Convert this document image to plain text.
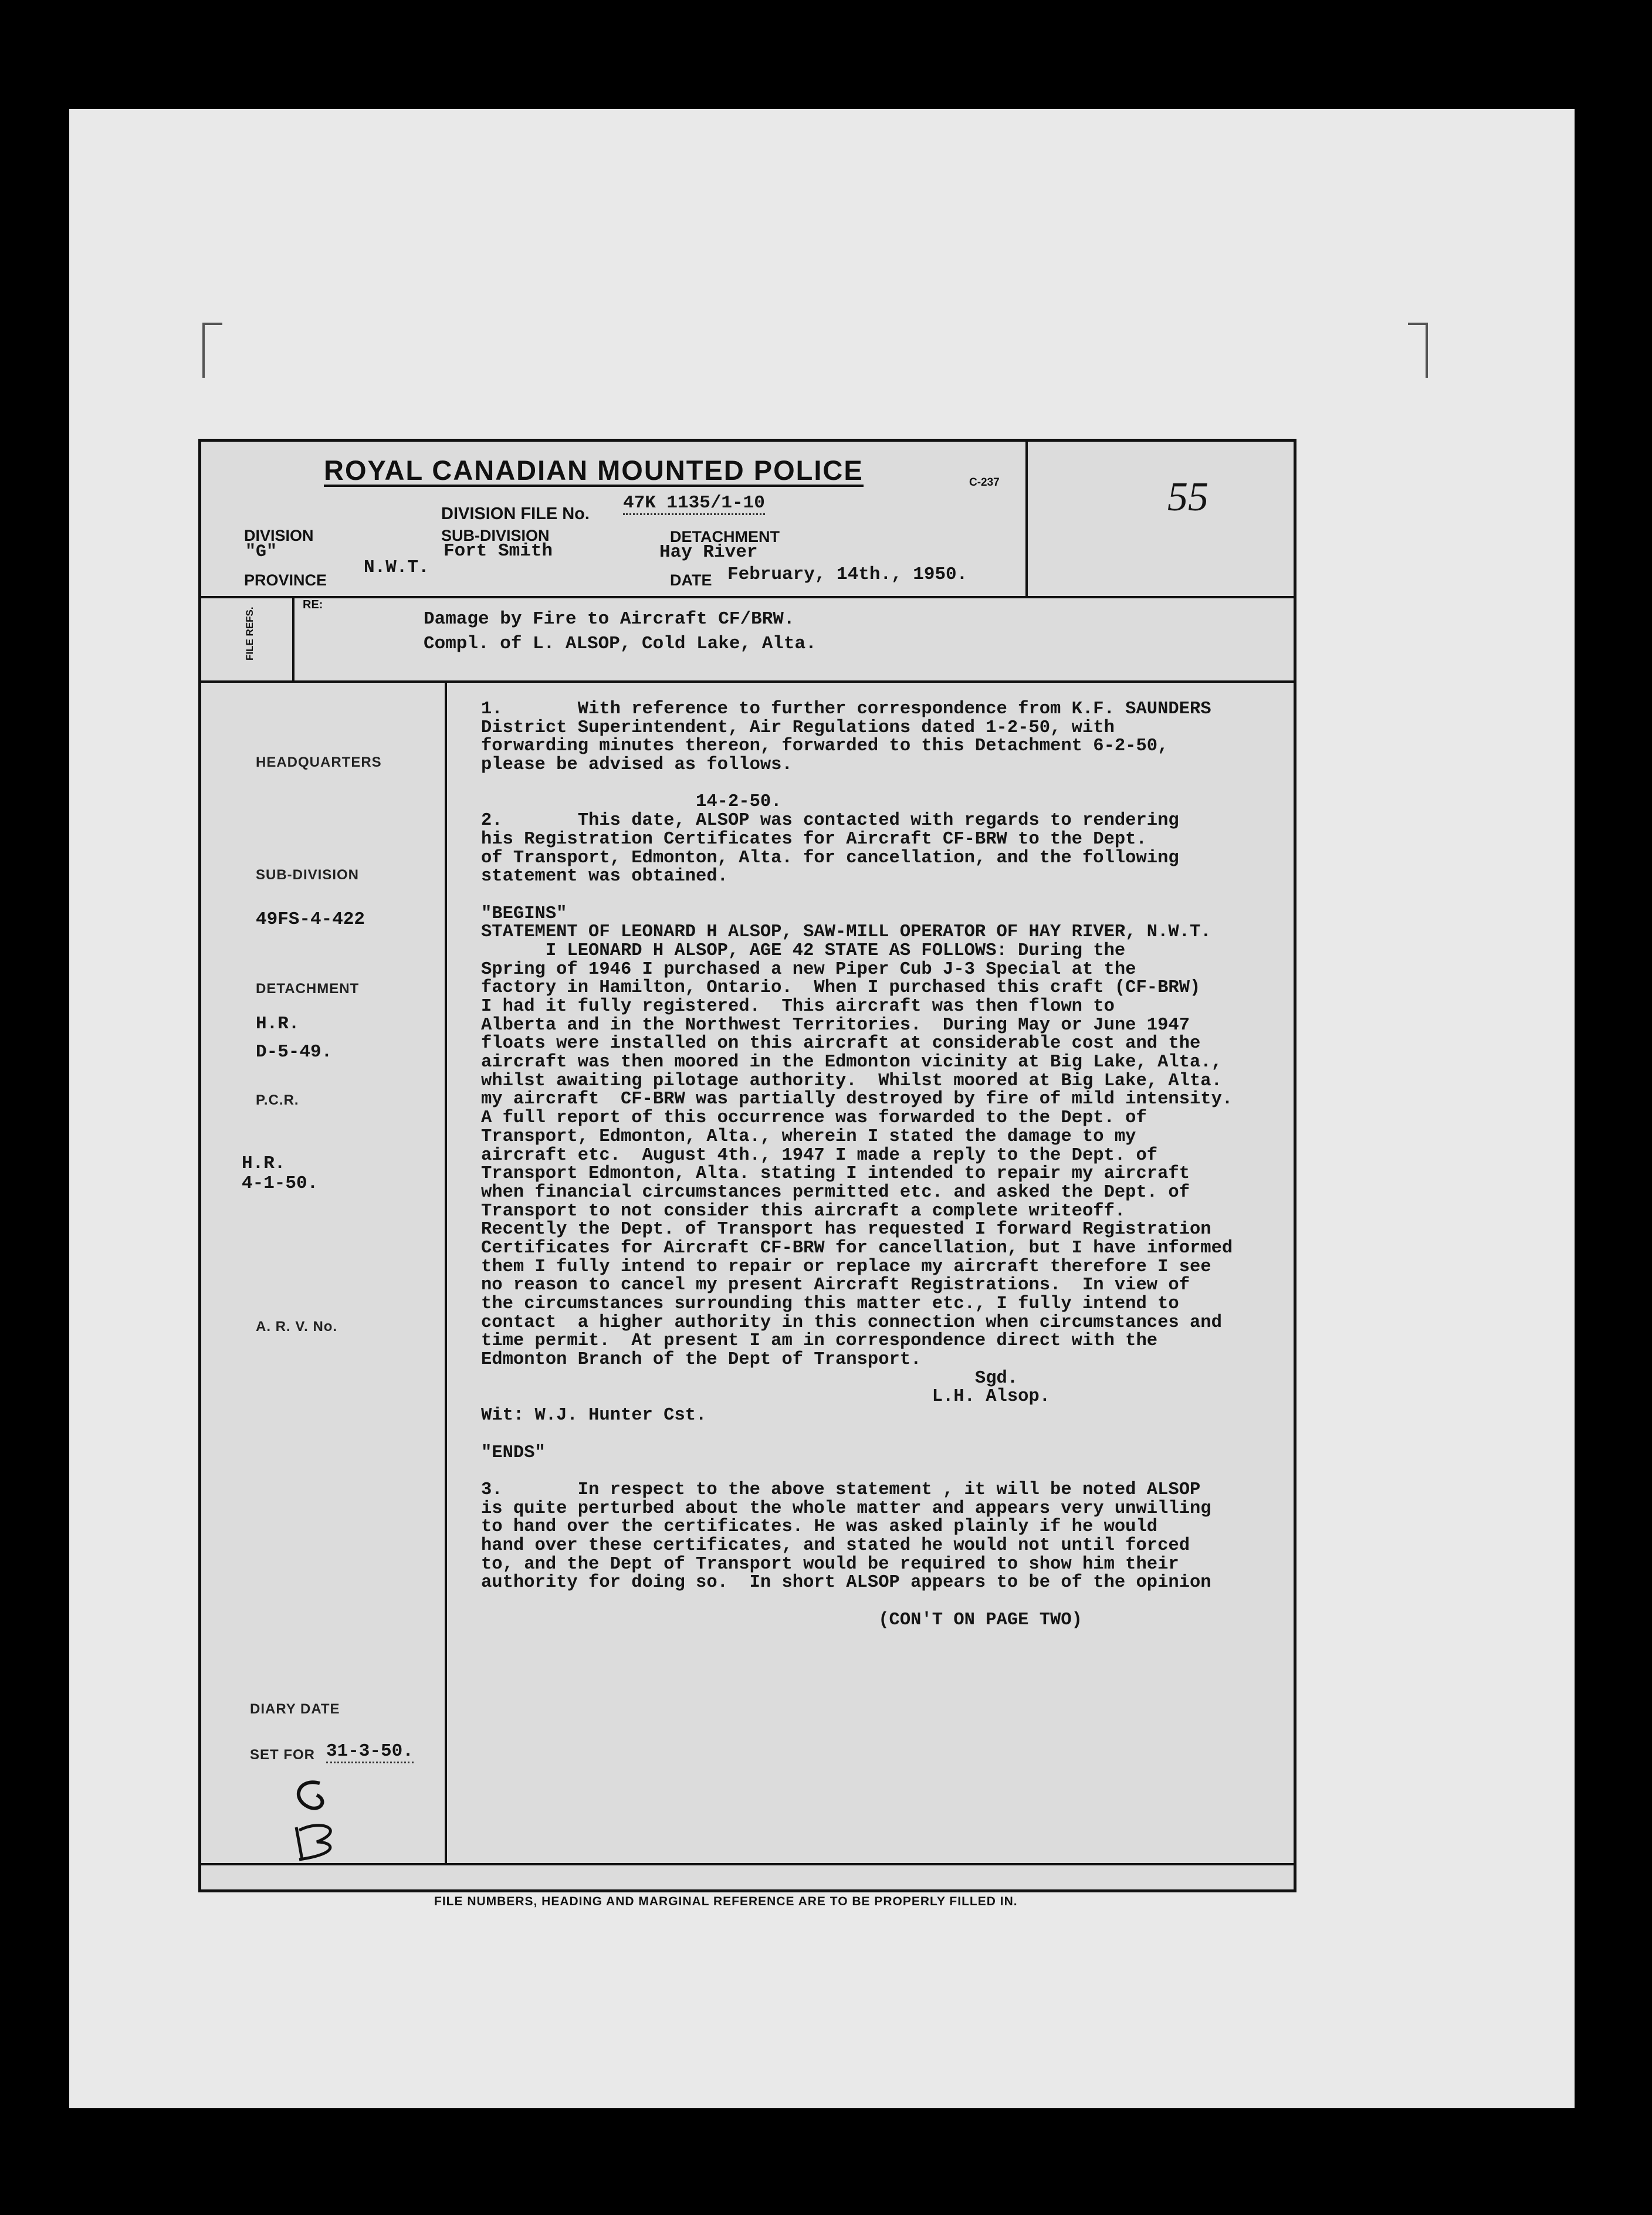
ROYAL CANADIAN MOUNTED POLICE	C-237	55
DIVISION FILE No.
47K 1135/1-10
DIVISION
"G"
SUB-DIVISION
Fort Smith
DETACHMENT
Hay River
PROVINCE
N.W.T.
DATE February, 14th., 1950.
RE:
FILE REFS.	Damage by Fire to Aircraft CF/BRW.
Compl. of L. ALSOP, Cold Lake, Alta.
HEADQUARTERS
SUB-DIVISION
49FS-4-422
DETACHMENT
H.R.
D-5-49.
P.C.R.
H.R.
4-1-50.
A. R. V. No.
DIARY DATE
SET FOR 31-3-50.
1.       With reference to further correspondence from K.F. SAUNDERS
District Superintendent, Air Regulations dated 1-2-50, with
forwarding minutes thereon, forwarded to this Detachment 6-2-50,
please be advised as follows.
14-2-50.
2.       This date, ALSOP was contacted with regards to rendering
his Registration Certificates for Aircraft CF-BRW to the Dept.
of Transport, Edmonton, Alta. for cancellation, and the following
statement was obtained.
"BEGINS"
STATEMENT OF LEONARD H ALSOP, SAW-MILL OPERATOR OF HAY RIVER, N.W.T.
I LEONARD H ALSOP, AGE 42 STATE AS FOLLOWS: During the
Spring of 1946 I purchased a new Piper Cub J-3 Special at the
factory in Hamilton, Ontario.  When I purchased this craft (CF-BRW)
I had it fully registered.  This aircraft was then flown to
Alberta and in the Northwest Territories.  During May or June 1947
floats were installed on this aircraft at considerable cost and the
aircraft was then moored in the Edmonton vicinity at Big Lake, Alta.,
whilst awaiting pilotage authority.  Whilst moored at Big Lake, Alta.
my aircraft  CF-BRW was partially destroyed by fire of mild intensity.
A full report of this occurrence was forwarded to the Dept. of
Transport, Edmonton, Alta., wherein I stated the damage to my
aircraft etc.  August 4th., 1947 I made a reply to the Dept. of
Transport Edmonton, Alta. stating I intended to repair my aircraft
when financial circumstances permitted etc. and asked the Dept. of
Transport to not consider this aircraft a complete writeoff.
Recently the Dept. of Transport has requested I forward Registration
Certificates for Aircraft CF-BRW for cancellation, but I have informed
them I fully intend to repair or replace my aircraft therefore I see
no reason to cancel my present Aircraft Registrations.  In view of
the circumstances surrounding this matter etc., I fully intend to
contact  a higher authority in this connection when circumstances and
time permit.  At present I am in correspondence direct with the
Edmonton Branch of the Dept of Transport.
Sgd.
L.H. Alsop.
Wit: W.J. Hunter Cst.
"ENDS"
3.       In respect to the above statement , it will be noted ALSOP
is quite perturbed about the whole matter and appears very unwilling
to hand over the certificates. He was asked plainly if he would
hand over these certificates, and stated he would not until forced
to, and the Dept of Transport would be required to show him their
authority for doing so.  In short ALSOP appears to be of the opinion
(CON'T ON PAGE TWO)
FILE NUMBERS, HEADING AND MARGINAL REFERENCE ARE TO BE PROPERLY FILLED IN.
